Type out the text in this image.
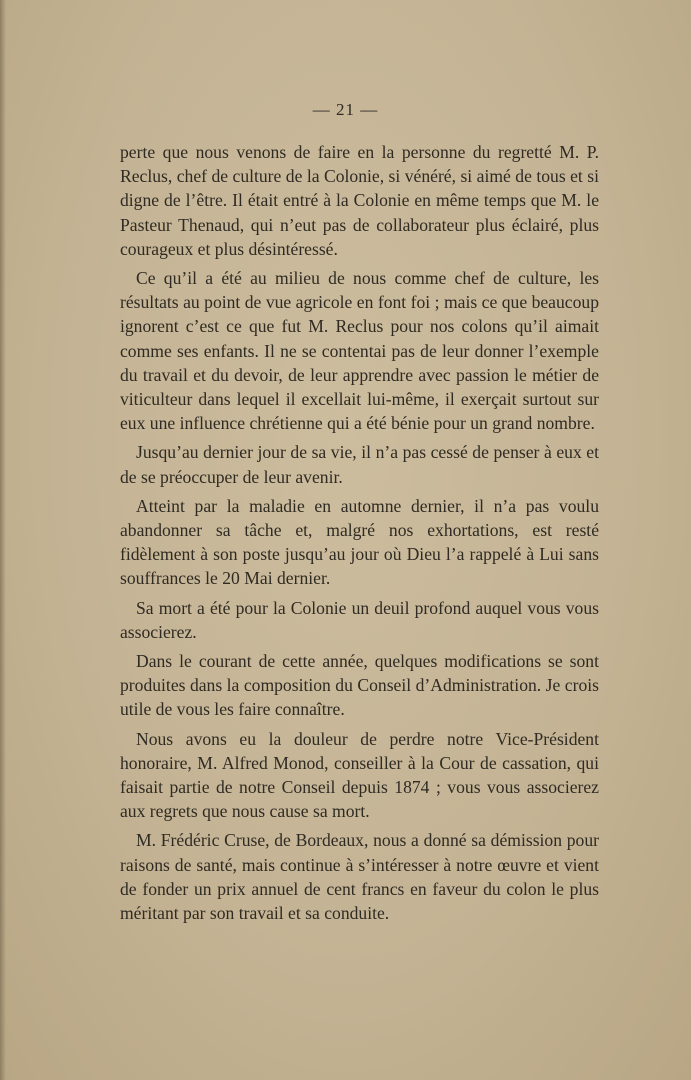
— 21 —

perte que nous venons de faire en la personne du regretté M. P. Reclus, chef de culture de la Colonie, si vénéré, si aimé de tous et si digne de l’être. Il était entré à la Colonie en même temps que M. le Pasteur Thenaud, qui n’eut pas de collaborateur plus éclairé, plus courageux et plus désintéressé.

Ce qu’il a été au milieu de nous comme chef de culture, les résultats au point de vue agricole en font foi ; mais ce que beaucoup ignorent c’est ce que fut M. Reclus pour nos colons qu’il aimait comme ses enfants. Il ne se contentai pas de leur donner l’exemple du travail et du devoir, de leur apprendre avec passion le métier de viticulteur dans lequel il excellait lui-même, il exerçait surtout sur eux une influence chrétienne qui a été bénie pour un grand nombre.

Jusqu’au dernier jour de sa vie, il n’a pas cessé de penser à eux et de se préoccuper de leur avenir.

Atteint par la maladie en automne dernier, il n’a pas voulu abandonner sa tâche et, malgré nos exhortations, est resté fidèlement à son poste jusqu’au jour où Dieu l’a rappelé à Lui sans souffrances le 20 Mai dernier.

Sa mort a été pour la Colonie un deuil profond auquel vous vous associerez.

Dans le courant de cette année, quelques modifications se sont produites dans la composition du Conseil d’Administration. Je crois utile de vous les faire connaître.

Nous avons eu la douleur de perdre notre Vice-Président honoraire, M. Alfred Monod, conseiller à la Cour de cassation, qui faisait partie de notre Conseil depuis 1874 ; vous vous associerez aux regrets que nous cause sa mort.

M. Frédéric Cruse, de Bordeaux, nous a donné sa démission pour raisons de santé, mais continue à s’intéresser à notre œuvre et vient de fonder un prix annuel de cent francs en faveur du colon le plus méritant par son travail et sa conduite.
